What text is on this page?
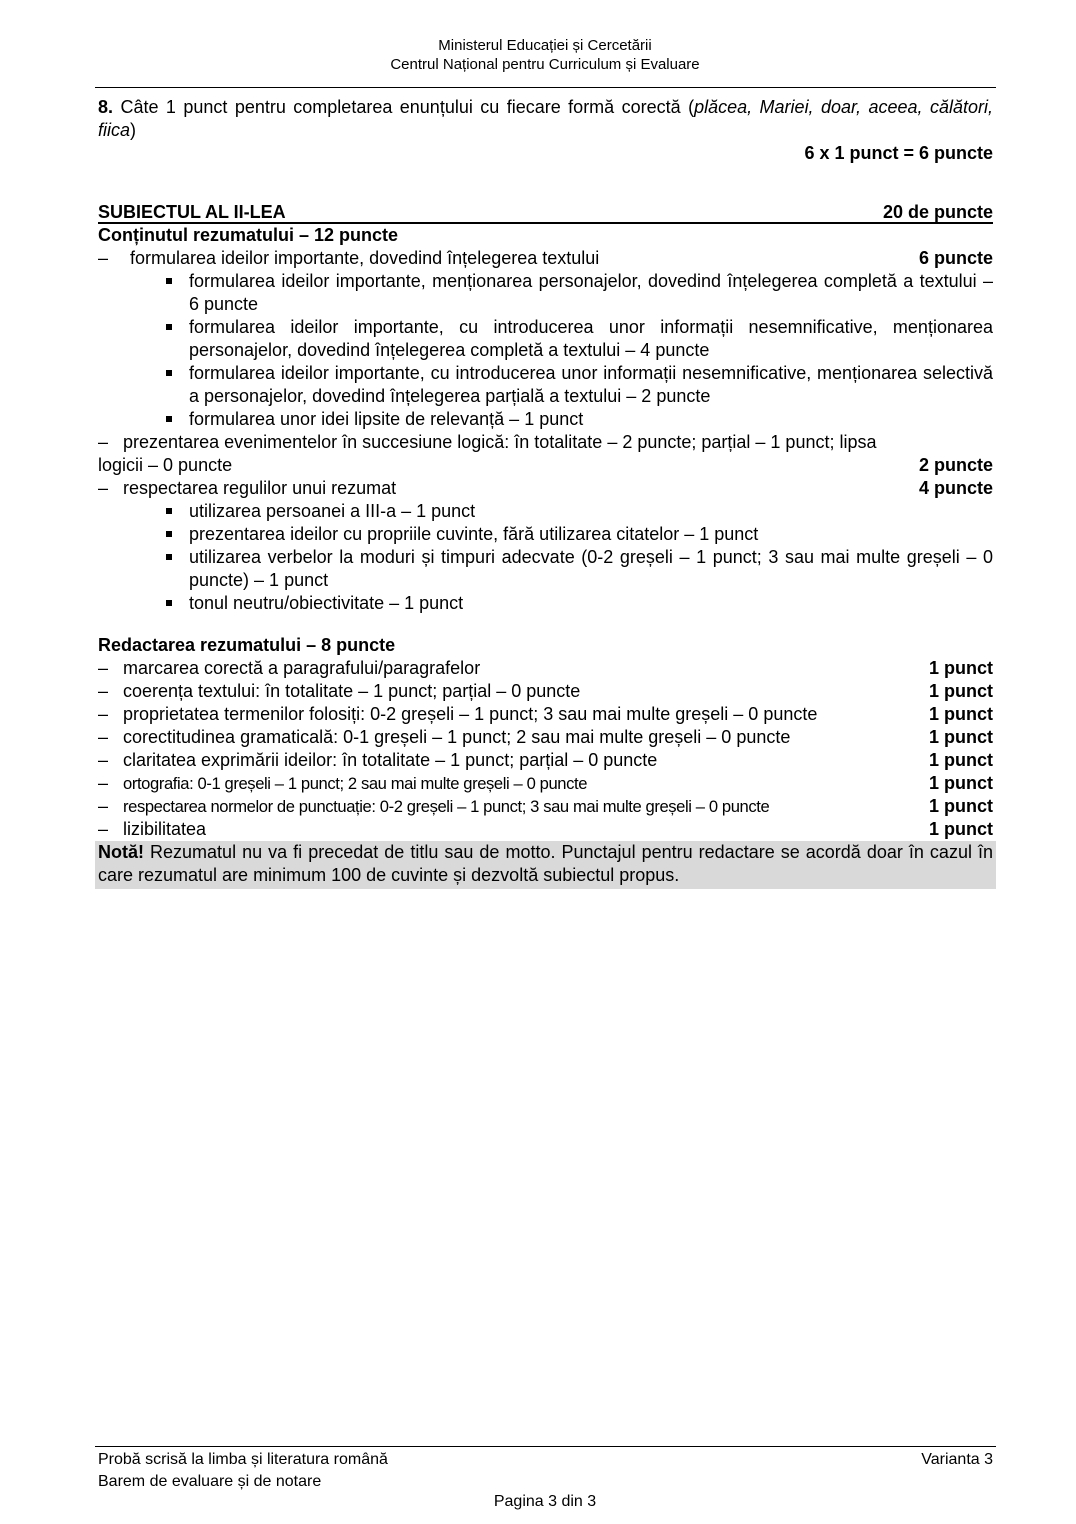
Ministerul Educației și Cercetării
Centrul Național pentru Curriculum și Evaluare
8. Câte 1 punct pentru completarea enunțului cu fiecare formă corectă (plăcea, Mariei, doar, aceea, călători, fiica)
6 x 1 punct = 6 puncte
SUBIECTUL AL II-LEA	20 de puncte
Conținutul rezumatului – 12 puncte
–	formularea ideilor importante, dovedind înțelegerea textului	6 puncte
formularea ideilor importante, menționarea personajelor, dovedind înțelegerea completă a textului – 6 puncte
formularea ideilor importante, cu introducerea unor informații nesemnificative, menționarea personajelor, dovedind înțelegerea completă a textului – 4 puncte
formularea ideilor importante, cu introducerea unor informații nesemnificative, menționarea selectivă a personajelor, dovedind înțelegerea parțială a textului – 2 puncte
formularea unor idei lipsite de relevanță – 1 punct
– prezentarea evenimentelor în succesiune logică: în totalitate – 2 puncte; parțial – 1 punct; lipsa
logicii – 0 puncte	2 puncte
– respectarea regulilor unui rezumat	4 puncte
utilizarea persoanei a III-a – 1 punct
prezentarea ideilor cu propriile cuvinte, fără utilizarea citatelor – 1 punct
utilizarea verbelor la moduri și timpuri adecvate (0-2 greșeli – 1 punct; 3 sau mai multe greșeli – 0 puncte) – 1 punct
tonul neutru/obiectivitate – 1 punct
Redactarea rezumatului – 8 puncte
– marcarea corectă a paragrafului/paragrafelor	1 punct
– coerența textului: în totalitate – 1 punct; parțial – 0 puncte	1 punct
– proprietatea termenilor folosiți: 0-2 greșeli – 1 punct; 3 sau mai multe greșeli – 0 puncte	1 punct
– corectitudinea gramaticală: 0-1 greșeli – 1 punct; 2 sau mai multe greșeli – 0 puncte	1 punct
– claritatea exprimării ideilor: în totalitate – 1 punct; parțial – 0 puncte	1 punct
– ortografia: 0-1 greșeli – 1 punct; 2 sau mai multe greșeli – 0 puncte	1 punct
– respectarea normelor de punctuație: 0-2 greșeli – 1 punct; 3 sau mai multe greșeli – 0 puncte	1 punct
– lizibilitatea	1 punct
Notă! Rezumatul nu va fi precedat de titlu sau de motto. Punctajul pentru redactare se acordă doar în cazul în care rezumatul are minimum 100 de cuvinte și dezvoltă subiectul propus.
Probă scrisă la limba și literatura română
Barem de evaluare și de notare
Varianta 3
Pagina 3 din 3
